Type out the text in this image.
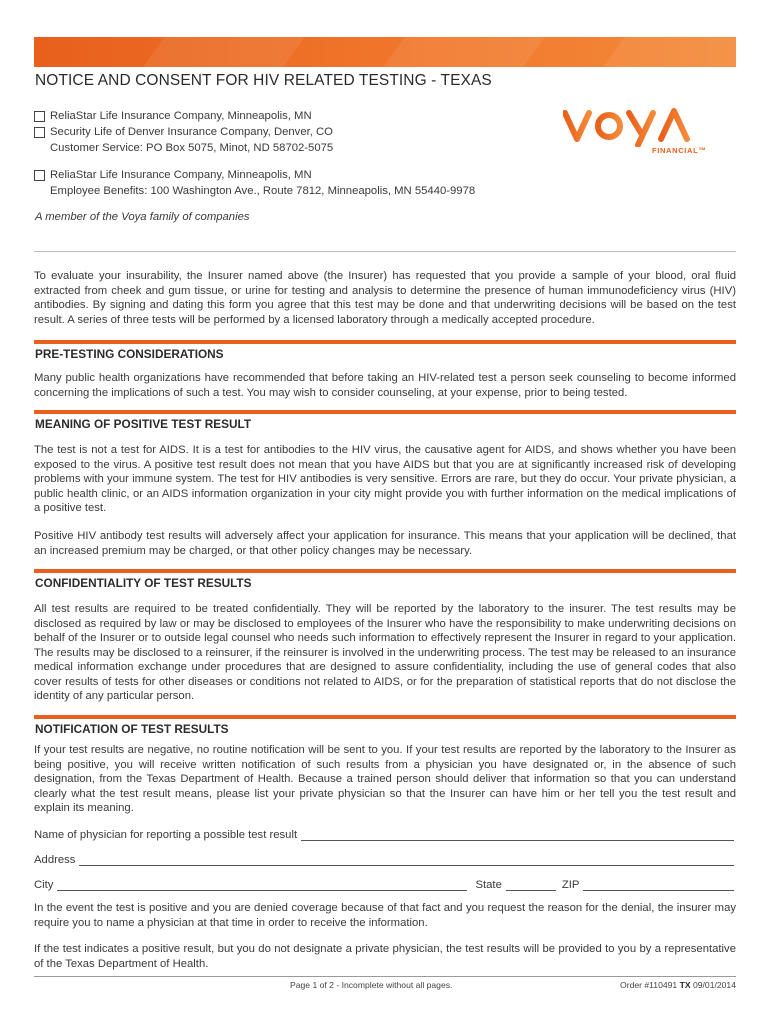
NOTICE AND CONSENT FOR HIV RELATED TESTING - TEXAS
ReliaStar Life Insurance Company, Minneapolis, MN
Security Life of Denver Insurance Company, Denver, CO
Customer Service: PO Box 5075, Minot, ND 58702-5075
ReliaStar Life Insurance Company, Minneapolis, MN
Employee Benefits: 100 Washington Ave., Route 7812, Minneapolis, MN 55440-9978
A member of the Voya family of companies
FINANCIAL™

To evaluate your insurability, the Insurer named above (the Insurer) has requested that you provide a sample of your blood, oral fluid extracted from cheek and gum tissue, or urine for testing and analysis to determine the presence of human immunodeficiency virus (HIV) antibodies. By signing and dating this form you agree that this test may be done and that underwriting decisions will be based on the test result. A series of three tests will be performed by a licensed laboratory through a medically accepted procedure.

PRE-TESTING CONSIDERATIONS

Many public health organizations have recommended that before taking an HIV-related test a person seek counseling to become informed concerning the implications of such a test. You may wish to consider counseling, at your expense, prior to being tested.

MEANING OF POSITIVE TEST RESULT

The test is not a test for AIDS. It is a test for antibodies to the HIV virus, the causative agent for AIDS, and shows whether you have been exposed to the virus. A positive test result does not mean that you have AIDS but that you are at significantly increased risk of developing problems with your immune system. The test for HIV antibodies is very sensitive. Errors are rare, but they do occur. Your private physician, a public health clinic, or an AIDS information organization in your city might provide you with further information on the medical implications of a positive test.

Positive HIV antibody test results will adversely affect your application for insurance. This means that your application will be declined, that an increased premium may be charged, or that other policy changes may be necessary.

CONFIDENTIALITY OF TEST RESULTS

All test results are required to be treated confidentially. They will be reported by the laboratory to the insurer. The test results may be disclosed as required by law or may be disclosed to employees of the Insurer who have the responsibility to make underwriting decisions on behalf of the Insurer or to outside legal counsel who needs such information to effectively represent the Insurer in regard to your application. The results may be disclosed to a reinsurer, if the reinsurer is involved in the underwriting process. The test may be released to an insurance medical information exchange under procedures that are designed to assure confidentiality, including the use of general codes that also cover results of tests for other diseases or conditions not related to AIDS, or for the preparation of statistical reports that do not disclose the identity of any particular person.

NOTIFICATION OF TEST RESULTS

If your test results are negative, no routine notification will be sent to you. If your test results are reported by the laboratory to the Insurer as being positive, you will receive written notification of such results from a physician you have designated or, in the absence of such designation, from the Texas Department of Health. Because a trained person should deliver that information so that you can understand clearly what the test result means, please list your private physician so that the Insurer can have him or her tell you the test result and explain its meaning.

Name of physician for reporting a possible test result
Address
City	State	ZIP

In the event the test is positive and you are denied coverage because of that fact and you request the reason for the denial, the insurer may require you to name a physician at that time in order to receive the information.

If the test indicates a positive result, but you do not designate a private physician, the test results will be provided to you by a representative of the Texas Department of Health.

Page 1 of 2 - Incomplete without all pages.	Order #110491 TX 09/01/2014
